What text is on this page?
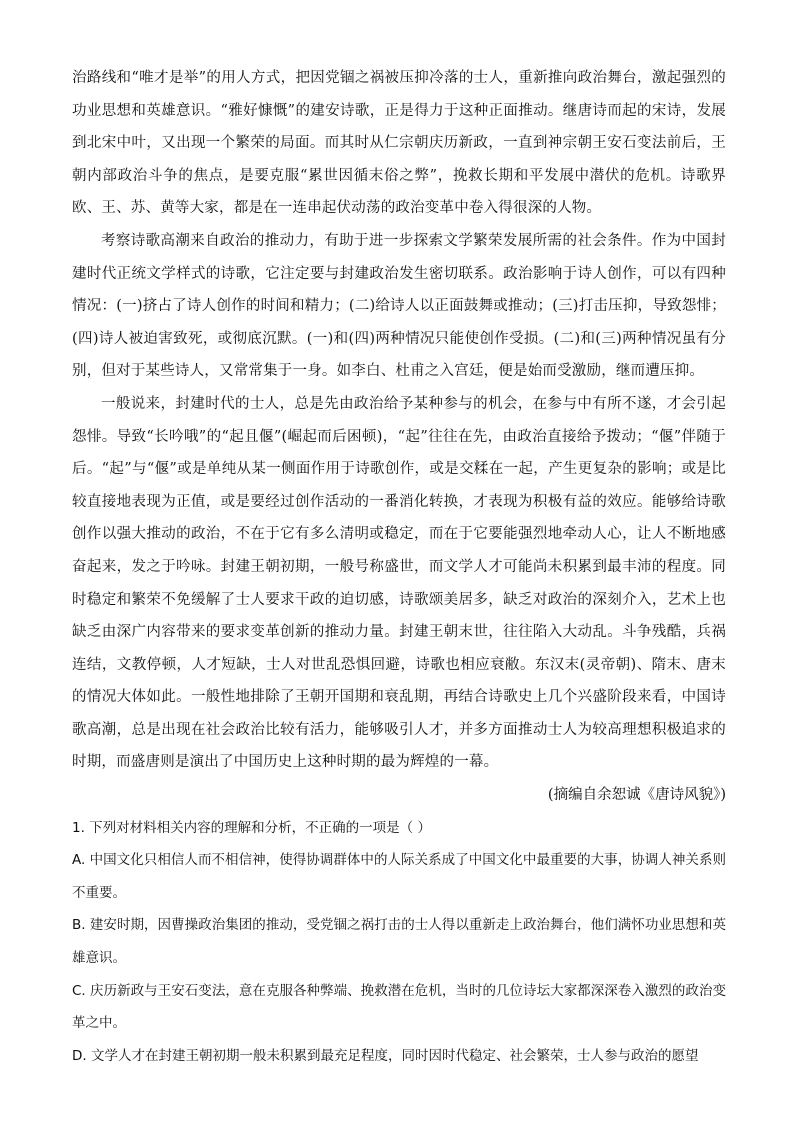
治路线和“唯才是举”的用人方式，把因党锢之祸被压抑冷落的士人，重新推向政治舞台，激起强烈的功业思想和英雄意识。“雅好慷慨”的建安诗歌，正是得力于这种正面推动。继唐诗而起的宋诗，发展到北宋中叶，又出现一个繁荣的局面。而其时从仁宗朝庆历新政，一直到神宗朝王安石变法前后，王朝内部政治斗争的焦点，是要克服“累世因循末俗之弊”，挽救长期和平发展中潜伏的危机。诗歌界欧、王、苏、黄等大家，都是在一连串起伏动荡的政治变革中卷入得很深的人物。

考察诗歌高潮来自政治的推动力，有助于进一步探索文学繁荣发展所需的社会条件。作为中国封建时代正统文学样式的诗歌，它注定要与封建政治发生密切联系。政治影响于诗人创作，可以有四种情况：(一)挤占了诗人创作的时间和精力；(二)给诗人以正面鼓舞或推动；(三)打击压抑，导致怨悱；(四)诗人被迫害致死，或彻底沉默。(一)和(四)两种情况只能使创作受损。(二)和(三)两种情况虽有分别，但对于某些诗人，又常常集于一身。如李白、杜甫之入宫廷，便是始而受激励，继而遭压抑。

一般说来，封建时代的士人，总是先由政治给予某种参与的机会，在参与中有所不遂，才会引起怨悱。导致“长吟哦”的“起且偃”(崛起而后困顿)，“起”往往在先，由政治直接给予拨动；“偃”伴随于后。“起”与“偃”或是单纯从某一侧面作用于诗歌创作，或是交糅在一起，产生更复杂的影响；或是比较直接地表现为正值，或是要经过创作活动的一番消化转换，才表现为积极有益的效应。能够给诗歌创作以强大推动的政治，不在于它有多么清明或稳定，而在于它要能强烈地牵动人心，让人不断地感奋起来，发之于吟咏。封建王朝初期，一般号称盛世，而文学人才可能尚未积累到最丰沛的程度。同时稳定和繁荣不免缓解了士人要求干政的迫切感，诗歌颂美居多，缺乏对政治的深刻介入，艺术上也缺乏由深广内容带来的要求变革创新的推动力量。封建王朝末世，往往陷入大动乱。斗争残酷，兵祸连结，文教停顿，人才短缺，士人对世乱恐惧回避，诗歌也相应衰敝。东汉末(灵帝朝)、隋末、唐末的情况大体如此。一般性地排除了王朝开国期和衰乱期，再结合诗歌史上几个兴盛阶段来看，中国诗歌高潮，总是出现在社会政治比较有活力，能够吸引人才，并多方面推动士人为较高理想积极追求的时期，而盛唐则是演出了中国历史上这种时期的最为辉煌的一幕。

(摘编自余恕诚《唐诗风貌》)

1. 下列对材料相关内容的理解和分析，不正确的一项是（ ）

A. 中国文化只相信人而不相信神，使得协调群体中的人际关系成了中国文化中最重要的大事，协调人神关系则不重要。

B. 建安时期，因曹操政治集团的推动，受党锢之祸打击的士人得以重新走上政治舞台，他们满怀功业思想和英雄意识。

C. 庆历新政与王安石变法，意在克服各种弊端、挽救潜在危机，当时的几位诗坛大家都深深卷入激烈的政治变革之中。

D. 文学人才在封建王朝初期一般未积累到最充足程度，同时因时代稳定、社会繁荣，士人参与政治的愿望
